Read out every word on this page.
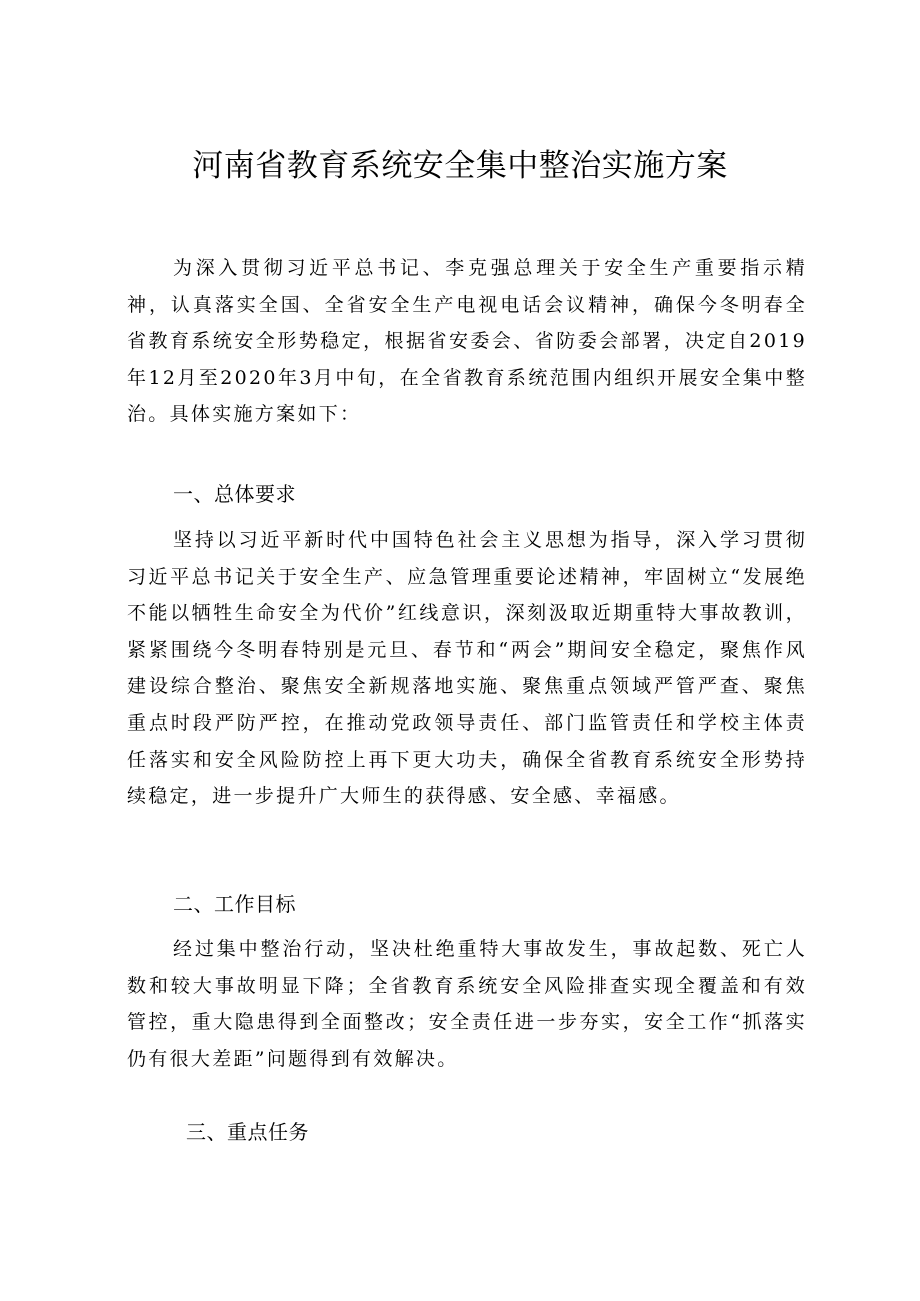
河南省教育系统安全集中整治实施方案

为深入贯彻习近平总书记、李克强总理关于安全生产重要指示精神，认真落实全国、全省安全生产电视电话会议精神，确保今冬明春全省教育系统安全形势稳定，根据省安委会、省防委会部署，决定自2019年12月至2020年3月中旬，在全省教育系统范围内组织开展安全集中整治。具体实施方案如下：

一、总体要求

坚持以习近平新时代中国特色社会主义思想为指导，深入学习贯彻习近平总书记关于安全生产、应急管理重要论述精神，牢固树立“发展绝不能以牺牲生命安全为代价”红线意识，深刻汲取近期重特大事故教训，紧紧围绕今冬明春特别是元旦、春节和“两会”期间安全稳定，聚焦作风建设综合整治、聚焦安全新规落地实施、聚焦重点领域严管严查、聚焦重点时段严防严控，在推动党政领导责任、部门监管责任和学校主体责任落实和安全风险防控上再下更大功夫，确保全省教育系统安全形势持续稳定，进一步提升广大师生的获得感、安全感、幸福感。

二、工作目标

经过集中整治行动，坚决杜绝重特大事故发生，事故起数、死亡人数和较大事故明显下降；全省教育系统安全风险排查实现全覆盖和有效管控，重大隐患得到全面整改；安全责任进一步夯实，安全工作“抓落实仍有很大差距”问题得到有效解决。

三、重点任务
